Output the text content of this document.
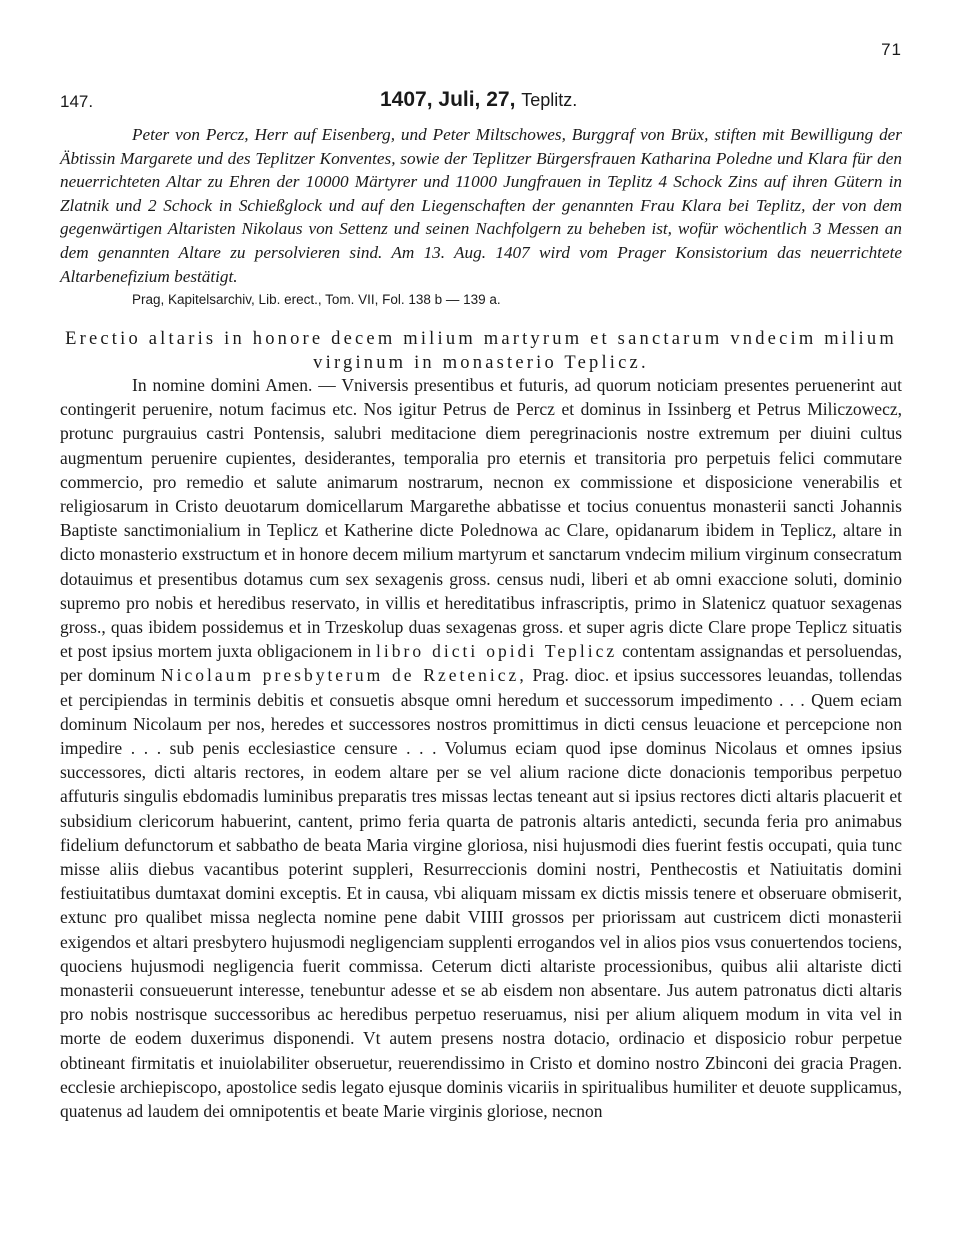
71
147.	1407, Juli, 27, Teplitz.

Peter von Percz, Herr auf Eisenberg, und Peter Miltschowes, Burggraf von Brüx, stiften mit Bewilligung der Äbtissin Margarete und des Teplitzer Konventes, sowie der Teplitzer Bürgersfrauen Katharina Poledne und Klara für den neuerrichteten Altar zu Ehren der 10000 Märtyrer und 11000 Jungfrauen in Teplitz 4 Schock Zins auf ihren Gütern in Zlatnik und 2 Schock in Schießglock und auf den Liegenschaften der genannten Frau Klara bei Teplitz, der von dem gegenwärtigen Altaristen Nikolaus von Settenz und seinen Nachfolgern zu beheben ist, wofür wöchentlich 3 Messen an dem genannten Altare zu persolvieren sind. Am 13. Aug. 1407 wird vom Prager Konsistorium das neuerrichtete Altarbenefizium bestätigt.

Prag, Kapitelsarchiv, Lib. erect., Tom. VII, Fol. 138 b — 139 a.

Erectio altaris in honore decem milium martyrum et sanctarum vndecim milium virginum in monasterio Teplicz.

In nomine domini Amen. — Vniversis presentibus et futuris, ad quorum noticiam presentes peruenerint aut contingerit peruenire, notum facimus etc. Nos igitur Petrus de Percz et dominus in Issinberg et Petrus Miliczowecz, protunc purgrauius castri Pontensis, salubri meditacione diem peregrinacionis nostre extremum per diuini cultus augmentum peruenire cupientes, desiderantes, temporalia pro eternis et transitoria pro perpetuis felici commutare commercio, pro remedio et salute animarum nostrarum, necnon ex commissione et disposicione venerabilis et religiosarum in Cristo deuotarum domicellarum Margarethe abbatisse et tocius conuentus monasterii sancti Johannis Baptiste sanctimonialium in Teplicz et Katherine dicte Polednowa ac Clare, opidanarum ibidem in Teplicz, altare in dicto monasterio exstructum et in honore decem milium martyrum et sanctarum vndecim milium virginum consecratum dotauimus et presentibus dotamus cum sex sexagenis gross. census nudi, liberi et ab omni exaccione soluti, dominio supremo pro nobis et heredibus reservato, in villis et hereditatibus infrascriptis, primo in Slatenicz quatuor sexagenas gross., quas ibidem possidemus et in Trzeskolup duas sexagenas gross. et super agris dicte Clare prope Teplicz situatis et post ipsius mortem juxta obligacionem in libro dicti opidi Teplicz contentam assignandas et persoluendas, per dominum Nicolaum presbyterum de Rzetenicz, Prag. dioc. et ipsius successores leuandas, tollendas et percipiendas in terminis debitis et consuetis absque omni heredum et successorum impedimento . . . Quem eciam dominum Nicolaum per nos, heredes et successores nostros promittimus in dicti census leuacione et percepcione non impedire . . . sub penis ecclesiastice censure . . . Volumus eciam quod ipse dominus Nicolaus et omnes ipsius successores, dicti altaris rectores, in eodem altare per se vel alium racione dicte donacionis temporibus perpetuo affuturis singulis ebdomadis luminibus preparatis tres missas lectas teneant aut si ipsius rectores dicti altaris placuerit et subsidium clericorum habuerint, cantent, primo feria quarta de patronis altaris antedicti, secunda feria pro animabus fidelium defunctorum et sabbatho de beata Maria virgine gloriosa, nisi hujusmodi dies fuerint festis occupati, quia tunc misse aliis diebus vacantibus poterint suppleri, Resurreccionis domini nostri, Penthecostis et Natiuitatis domini festiuitatibus dumtaxat domini exceptis. Et in causa, vbi aliquam missam ex dictis missis tenere et obseruare obmiserit, extunc pro qualibet missa neglecta nomine pene dabit VIIII grossos per priorissam aut custricem dicti monasterii exigendos et altari presbytero hujusmodi negligenciam supplenti errogandos vel in alios pios vsus conuertendos tociens, quociens hujusmodi negligencia fuerit commissa. Ceterum dicti altariste processionibus, quibus alii altariste dicti monasterii consueuerunt interesse, tenebuntur adesse et se ab eisdem non absentare. Jus autem patronatus dicti altaris pro nobis nostrisque successoribus ac heredibus perpetuo reseruamus, nisi per alium aliquem modum in vita vel in morte de eodem duxerimus disponendi. Vt autem presens nostra dotacio, ordinacio et disposicio robur perpetue obtineant firmitatis et inuiolabiliter obseruetur, reuerendissimo in Cristo et domino nostro Zbinconi dei gracia Pragen. ecclesie archiepiscopo, apostolice sedis legato ejusque dominis vicariis in spiritualibus humiliter et deuote supplicamus, quatenus ad laudem dei omnipotentis et beate Marie virginis gloriose, necnon
